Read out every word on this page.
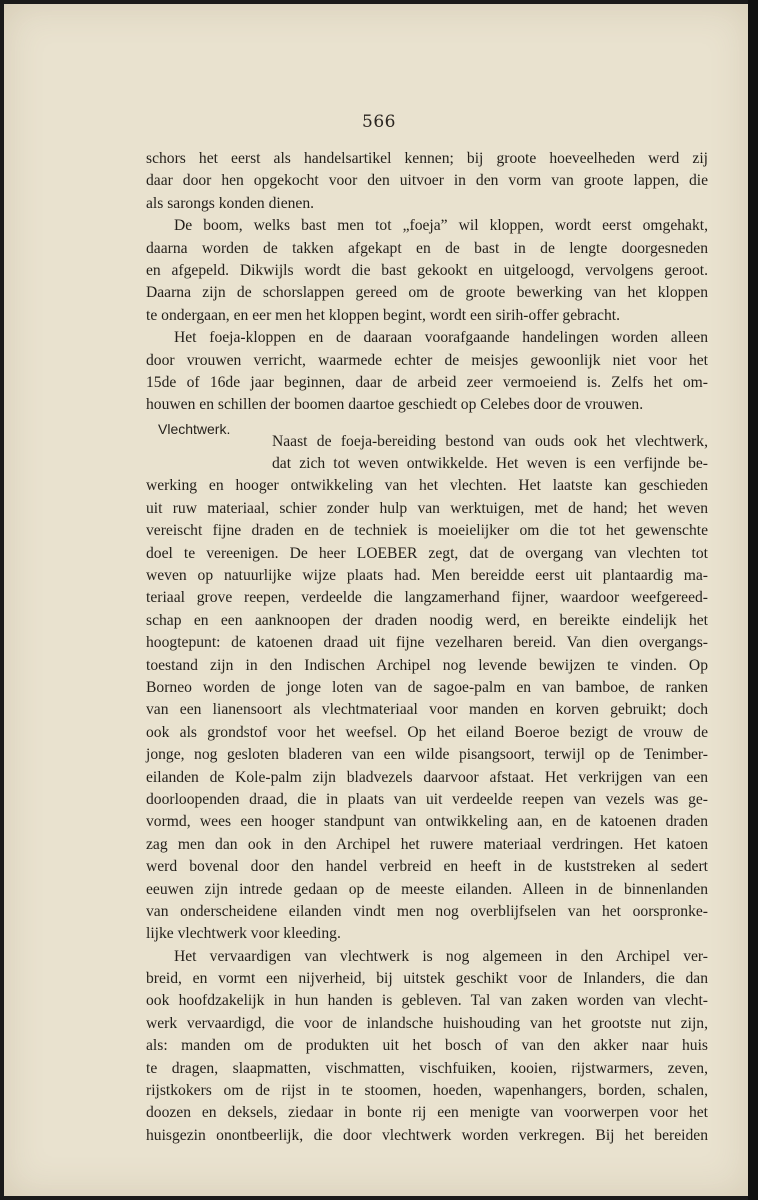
566
Vlechtwerk.
schors het eerst als handelsartikel kennen; bij groote hoeveelheden werd zij
daar door hen opgekocht voor den uitvoer in den vorm van groote lappen, die
als sarongs konden dienen.
De boom, welks bast men tot „foeja” wil kloppen, wordt eerst omgehakt,
daarna worden de takken afgekapt en de bast in de lengte doorgesneden
en afgepeld. Dikwijls wordt die bast gekookt en uitgeloogd, vervolgens geroot.
Daarna zijn de schorslappen gereed om de groote bewerking van het kloppen
te ondergaan, en eer men het kloppen begint, wordt een sirih-offer gebracht.
Het foeja-kloppen en de daaraan voorafgaande handelingen worden alleen
door vrouwen verricht, waarmede echter de meisjes gewoonlijk niet voor het
15de of 16de jaar beginnen, daar de arbeid zeer vermoeiend is. Zelfs het om-
houwen en schillen der boomen daartoe geschiedt op Celebes door de vrouwen.
Naast de foeja-bereiding bestond van ouds ook het vlechtwerk,
dat zich tot weven ontwikkelde. Het weven is een verfijnde be-
werking en hooger ontwikkeling van het vlechten. Het laatste kan geschieden
uit ruw materiaal, schier zonder hulp van werktuigen, met de hand; het weven
vereischt fijne draden en de techniek is moeielijker om die tot het gewenschte
doel te vereenigen. De heer LOEBER zegt, dat de overgang van vlechten tot
weven op natuurlijke wijze plaats had. Men bereidde eerst uit plantaardig ma-
teriaal grove reepen, verdeelde die langzamerhand fijner, waardoor weefgereed-
schap en een aanknoopen der draden noodig werd, en bereikte eindelijk het
hoogtepunt: de katoenen draad uit fijne vezelharen bereid. Van dien overgangs-
toestand zijn in den Indischen Archipel nog levende bewijzen te vinden. Op
Borneo worden de jonge loten van de sagoe-palm en van bamboe, de ranken
van een lianensoort als vlechtmateriaal voor manden en korven gebruikt; doch
ook als grondstof voor het weefsel. Op het eiland Boeroe bezigt de vrouw de
jonge, nog gesloten bladeren van een wilde pisangsoort, terwijl op de Tenimber-
eilanden de Kole-palm zijn bladvezels daarvoor afstaat. Het verkrijgen van een
doorloopenden draad, die in plaats van uit verdeelde reepen van vezels was ge-
vormd, wees een hooger standpunt van ontwikkeling aan, en de katoenen draden
zag men dan ook in den Archipel het ruwere materiaal verdringen. Het katoen
werd bovenal door den handel verbreid en heeft in de kuststreken al sedert
eeuwen zijn intrede gedaan op de meeste eilanden. Alleen in de binnenlanden
van onderscheidene eilanden vindt men nog overblijfselen van het oorspronke-
lijke vlechtwerk voor kleeding.
Het vervaardigen van vlechtwerk is nog algemeen in den Archipel ver-
breid, en vormt een nijverheid, bij uitstek geschikt voor de Inlanders, die dan
ook hoofdzakelijk in hun handen is gebleven. Tal van zaken worden van vlecht-
werk vervaardigd, die voor de inlandsche huishouding van het grootste nut zijn,
als: manden om de produkten uit het bosch of van den akker naar huis
te dragen, slaapmatten, vischmatten, vischfuiken, kooien, rijstwarmers, zeven,
rijstkokers om de rijst in te stoomen, hoeden, wapenhangers, borden, schalen,
doozen en deksels, ziedaar in bonte rij een menigte van voorwerpen voor het
huisgezin onontbeerlijk, die door vlechtwerk worden verkregen. Bij het bereiden
